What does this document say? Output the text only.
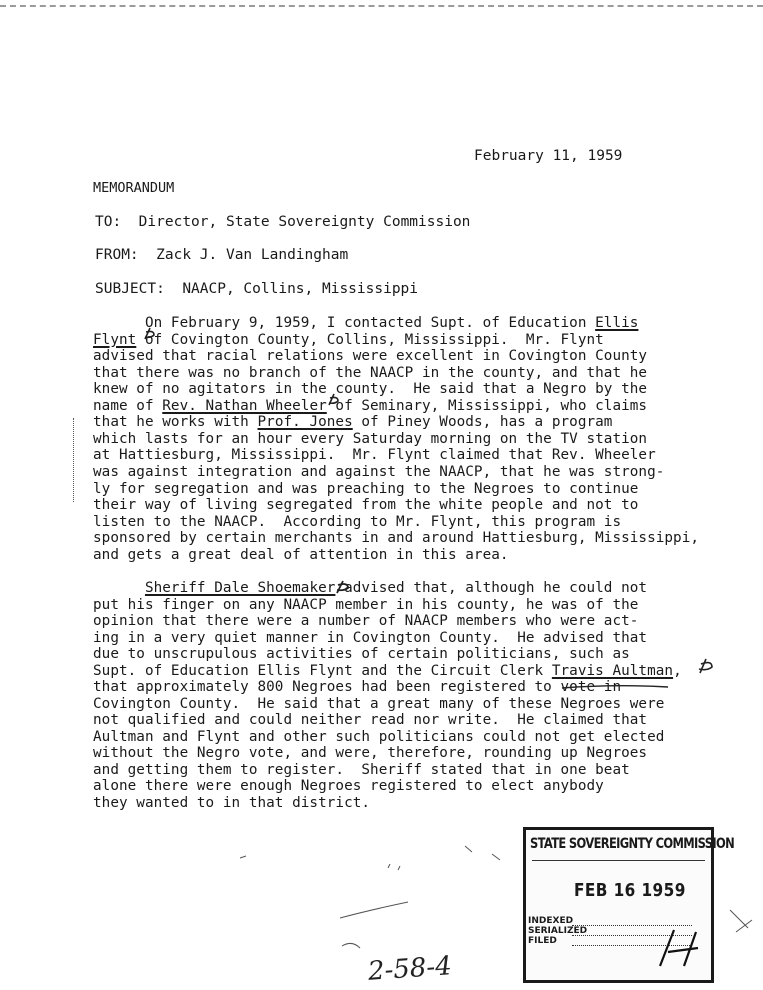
February 11, 1959
MEMORANDUM
TO: Director, State Sovereignty Commission
FROM: Zack J. Van Landingham
SUBJECT: NAACP, Collins, Mississippi
On February 9, 1959, I contacted Supt. of Education Ellis
Flynt of Covington County, Collins, Mississippi.  Mr. Flynt
advised that racial relations were excellent in Covington County
that there was no branch of the NAACP in the county, and that he
knew of no agitators in the county.  He said that a Negro by the
name of Rev. Nathan Wheeler of Seminary, Mississippi, who claims
that he works with Prof. Jones of Piney Woods, has a program
which lasts for an hour every Saturday morning on the TV station
at Hattiesburg, Mississippi.  Mr. Flynt claimed that Rev. Wheeler
was against integration and against the NAACP, that he was strong-
ly for segregation and was preaching to the Negroes to continue
their way of living segregated from the white people and not to
listen to the NAACP.  According to Mr. Flynt, this program is
sponsored by certain merchants in and around Hattiesburg, Mississippi,
and gets a great deal of attention in this area.
Sheriff Dale Shoemaker advised that, although he could not
put his finger on any NAACP member in his county, he was of the
opinion that there were a number of NAACP members who were act-
ing in a very quiet manner in Covington County.  He advised that
due to unscrupulous activities of certain politicians, such as
Supt. of Education Ellis Flynt and the Circuit Clerk Travis Aultman,
that approximately 800 Negroes had been registered to vote in
Covington County.  He said that a great many of these Negroes were
not qualified and could neither read nor write.  He claimed that
Aultman and Flynt and other such politicians could not get elected
without the Negro vote, and were, therefore, rounding up Negroes
and getting them to register.  Sheriff stated that in one beat
alone there were enough Negroes registered to elect anybody
they wanted to in that district.
STATE SOVEREIGNTY COMMISSION
FEB 16 1959
INDEXED
SERIALIZED
FILED
2-58-4
